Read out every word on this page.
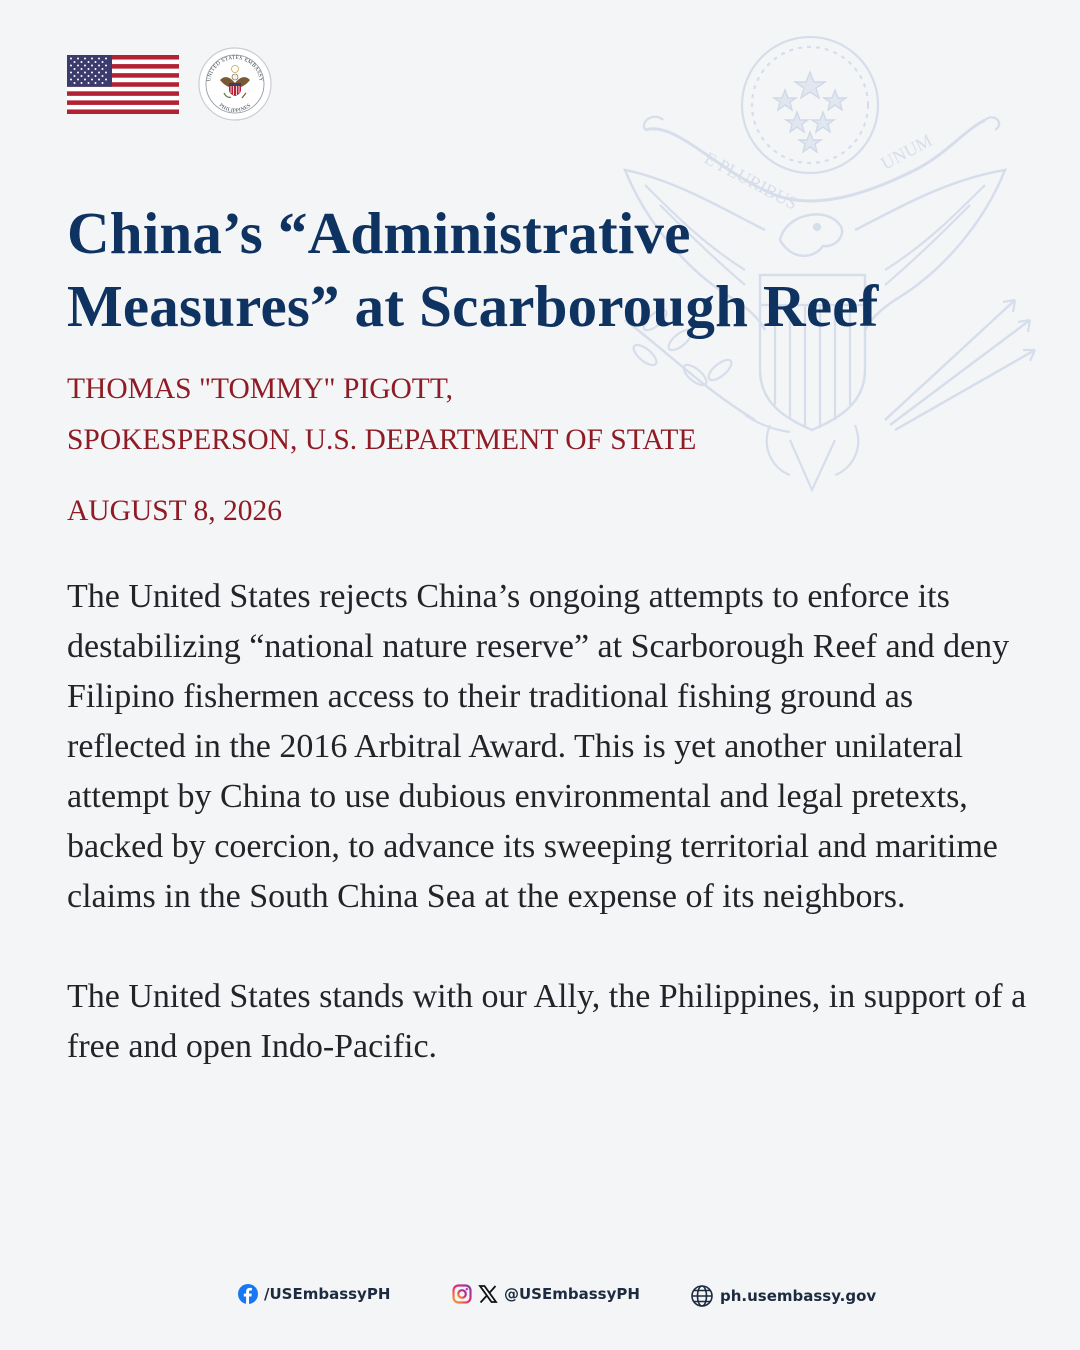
E PLURIBUS	UNUM
UNITED STATES EMBASSY
PHILIPPINES
China’s “Administrative
Measures” at Scarborough Reef
THOMAS "TOMMY" PIGOTT,
SPOKESPERSON, U.S. DEPARTMENT OF STATE
AUGUST 8, 2026

The United States rejects China’s ongoing attempts to enforce its destabilizing “national nature reserve” at Scarborough Reef and deny Filipino fishermen access to their traditional fishing ground as reflected in the 2016 Arbitral Award. This is yet another unilateral attempt by China to use dubious environmental and legal pretexts, backed by coercion, to advance its sweeping territorial and maritime claims in the South China Sea at the expense of its neighbors.

The United States stands with our Ally, the Philippines, in support of a free and open Indo-Pacific.

/USEmbassyPH	@USEmbassyPH	ph.usembassy.gov
